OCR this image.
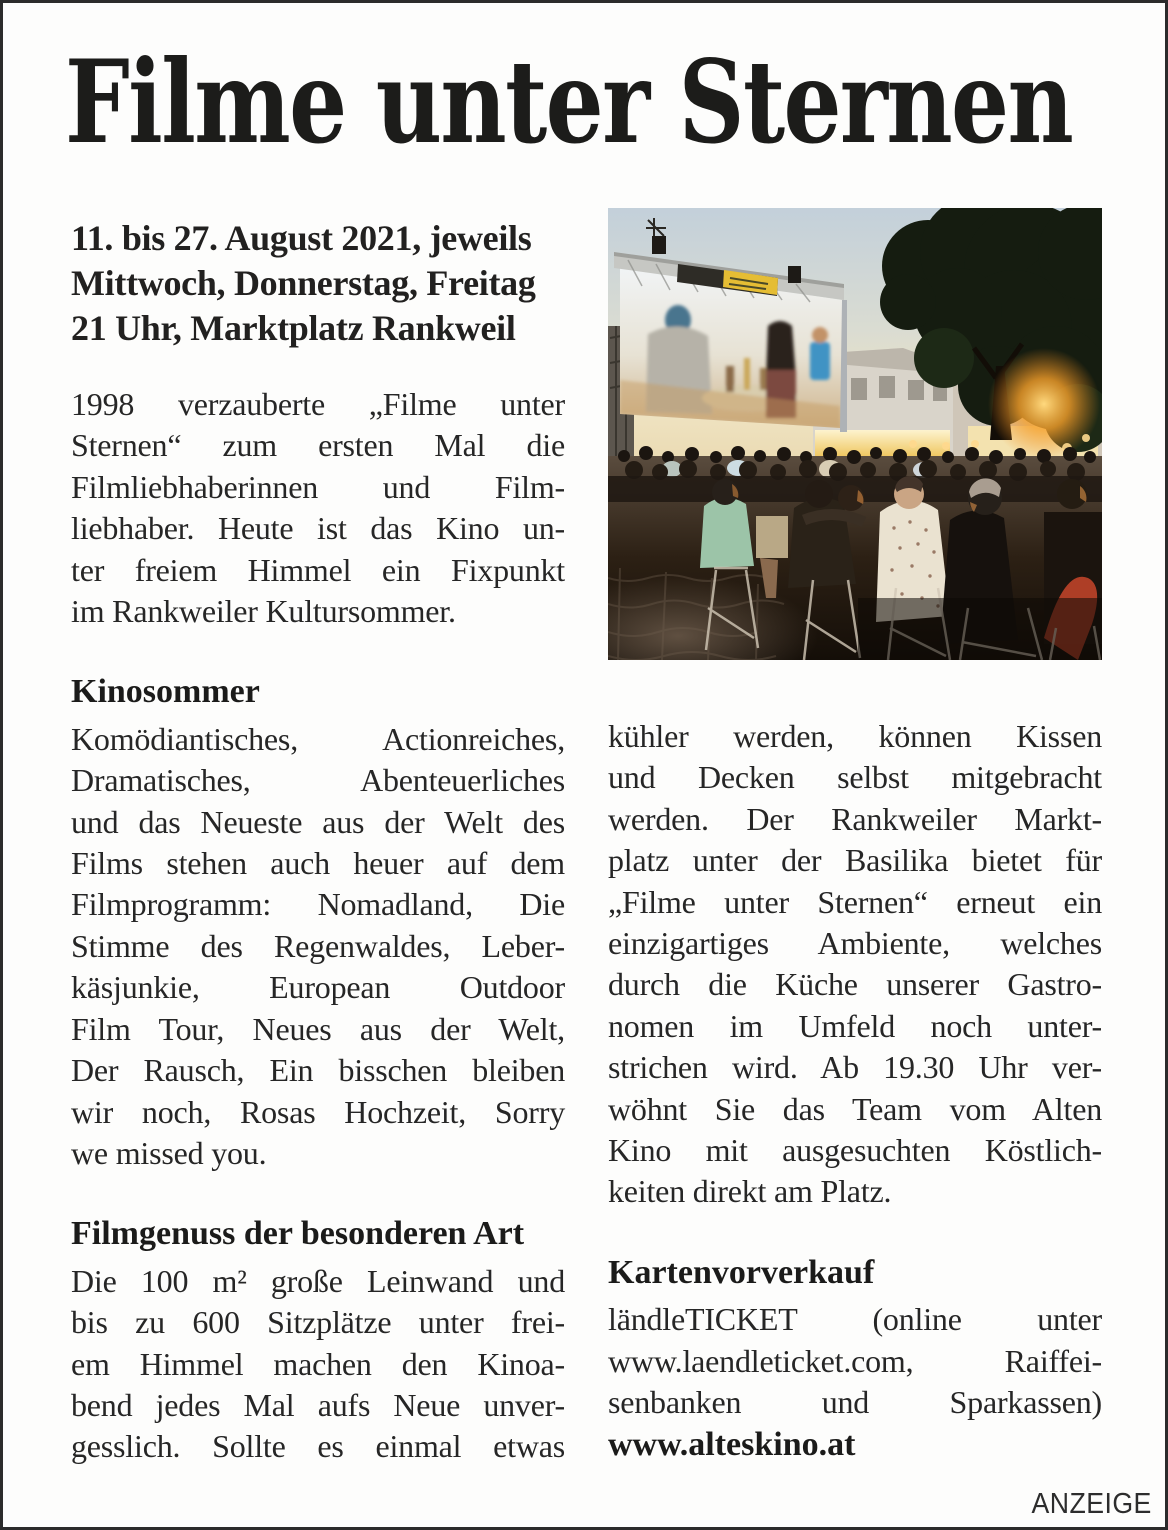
Filme unter Sternen
11. bis 27. August 2021, jeweils
Mittwoch, Donnerstag, Freitag
21 Uhr, Marktplatz Rankweil
1998 verzauberte „Filme unter
Sternen“ zum ersten Mal die
Filmliebhaberinnen und Film-
liebhaber. Heute ist das Kino un-
ter freiem Himmel ein Fixpunkt
im Rankweiler Kultursommer.
Kinosommer
Komödiantisches, Actionreiches,
Dramatisches, Abenteuerliches
und das Neueste aus der Welt des
Films stehen auch heuer auf dem
Filmprogramm: Nomadland, Die
Stimme des Regenwaldes, Leber-
käsjunkie, European Outdoor
Film Tour, Neues aus der Welt,
Der Rausch, Ein bisschen bleiben
wir noch, Rosas Hochzeit, Sorry
we missed you.
Filmgenuss der besonderen Art
Die 100 m² große Leinwand und
bis zu 600 Sitzplätze unter frei-
em Himmel machen den Kinoa-
bend jedes Mal aufs Neue unver-
gesslich. Sollte es einmal etwas
kühler werden, können Kissen
und Decken selbst mitgebracht
werden. Der Rankweiler Markt-
platz unter der Basilika bietet für
„Filme unter Sternen“ erneut ein
einzigartiges Ambiente, welches
durch die Küche unserer Gastro-
nomen im Umfeld noch unter-
strichen wird. Ab 19.30 Uhr ver-
wöhnt Sie das Team vom Alten
Kino mit ausgesuchten Köstlich-
keiten direkt am Platz.
Kartenvorverkauf
ländleTICKET (online unter
www.laendleticket.com, Raiffei-
senbanken und Sparkassen)
www.alteskino.at
ANZEIGE
